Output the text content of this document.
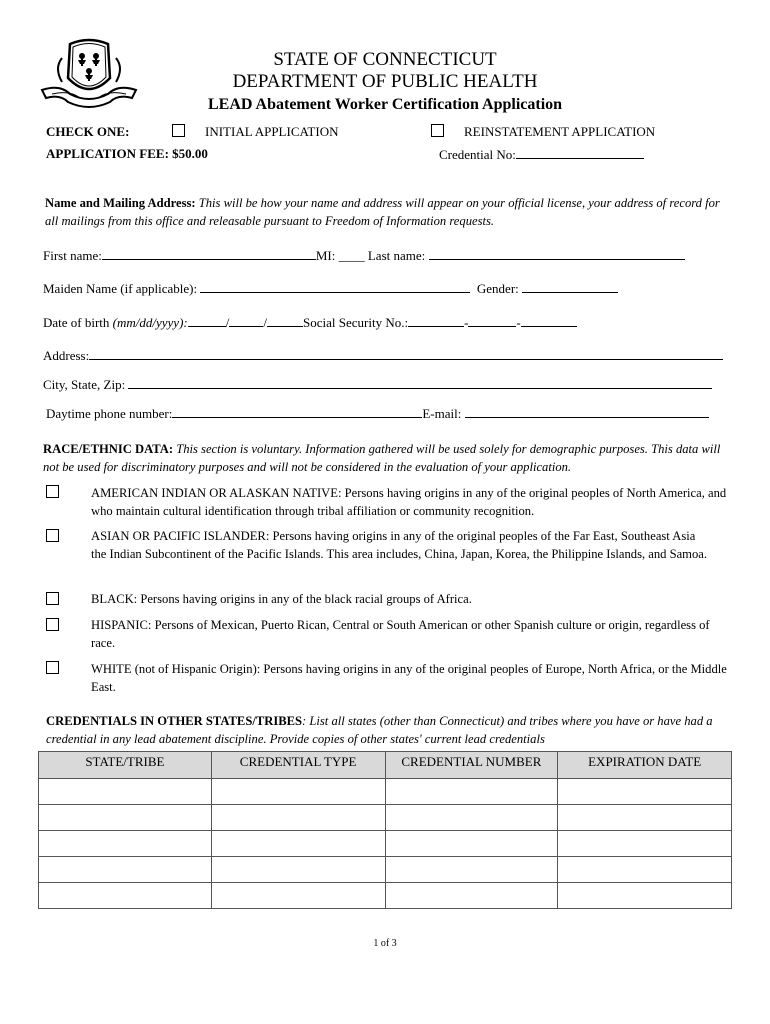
STATE OF CONNECTICUT
DEPARTMENT OF PUBLIC HEALTH
LEAD Abatement Worker Certification Application
CHECK ONE:	INITIAL APPLICATION	REINSTATEMENT APPLICATION
APPLICATION FEE: $50.00	Credential No:
Name and Mailing Address: This will be how your name and address will appear on your official license, your address of record for all mailings from this office and releasable pursuant to Freedom of Information requests.
First name:	MI: ____ Last name:
Maiden Name (if applicable):	Gender:
Date of birth (mm/dd/yyyy):	/	/	Social Security No.:	-	-
Address:
City, State, Zip:
Daytime phone number:	E-mail:
RACE/ETHNIC DATA: This section is voluntary. Information gathered will be used solely for demographic purposes. This data will not be used for discriminatory purposes and will not be considered in the evaluation of your application.
AMERICAN INDIAN OR ALASKAN NATIVE: Persons having origins in any of the original peoples of North America, and who maintain cultural identification through tribal affiliation or community recognition.
ASIAN OR PACIFIC ISLANDER: Persons having origins in any of the original peoples of the Far East, Southeast Asia the Indian Subcontinent of the Pacific Islands. This area includes, China, Japan, Korea, the Philippine Islands, and Samoa.
BLACK: Persons having origins in any of the black racial groups of Africa.
HISPANIC: Persons of Mexican, Puerto Rican, Central or South American or other Spanish culture or origin, regardless of race.
WHITE (not of Hispanic Origin): Persons having origins in any of the original peoples of Europe, North Africa, or the Middle East.
CREDENTIALS IN OTHER STATES/TRIBES: List all states (other than Connecticut) and tribes where you have or have had a credential in any lead abatement discipline. Provide copies of other states' current lead credentials
STATE/TRIBE	CREDENTIAL TYPE	CREDENTIAL NUMBER	EXPIRATION DATE

1 of 3
